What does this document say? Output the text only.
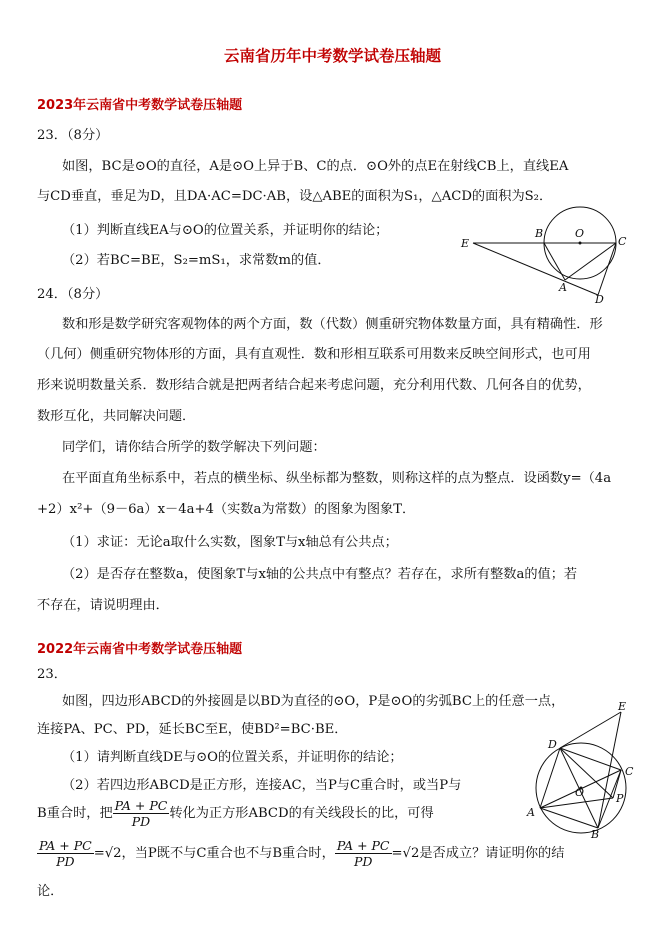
云南省历年中考数学试卷压轴题
2023年云南省中考数学试卷压轴题
23．（8分）
如图，BC是⊙O的直径，A是⊙O上异于B、C的点．⊙O外的点E在射线CB上，直线EA
与CD垂直，垂足为D，且DA·AC=DC·AB，设△ABE的面积为S₁，△ACD的面积为S₂．
（1）判断直线EA与⊙O的位置关系，并证明你的结论；
（2）若BC=BE，S₂=mS₁，求常数m的值．
E
B	O
C
A
D
24．（8分）
数和形是数学研究客观物体的两个方面，数（代数）侧重研究物体数量方面，具有精确性．形
（几何）侧重研究物体形的方面，具有直观性．数和形相互联系可用数来反映空间形式，也可用
形来说明数量关系．数形结合就是把两者结合起来考虑问题，充分利用代数、几何各自的优势，
数形互化，共同解决问题．
同学们，请你结合所学的数学解决下列问题：
在平面直角坐标系中，若点的横坐标、纵坐标都为整数，则称这样的点为整点．设函数y=（4a
+2）x²+（9－6a）x－4a+4（实数a为常数）的图象为图象T．
（1）求证：无论a取什么实数，图象T与x轴总有公共点；
（2）是否存在整数a，使图象T与x轴的公共点中有整点？若存在，求所有整数a的值；若
不存在，请说明理由．
2022年云南省中考数学试卷压轴题
23．
如图，四边形ABCD的外接圆是以BD为直径的⊙O，P是⊙O的劣弧BC上的任意一点，
连接PA、PC、PD，延长BC至E，使BD²=BC·BE．
（1）请判断直线DE与⊙O的位置关系，并证明你的结论；
（2）若四边形ABCD是正方形，连接AC，当P与C重合时，或当P与
B重合时，把 $\frac{PA + PC}{PD}$ 转化为正方形ABCD的有关线段长的比，可得
$\frac{PA + PC}{PD} =√2$，当P既不与C重合也不与B重合时， $\frac{PA + PC}{PD} =√2$是否成立？请证明你的结
论．
E
D
C
O	P
A
B
